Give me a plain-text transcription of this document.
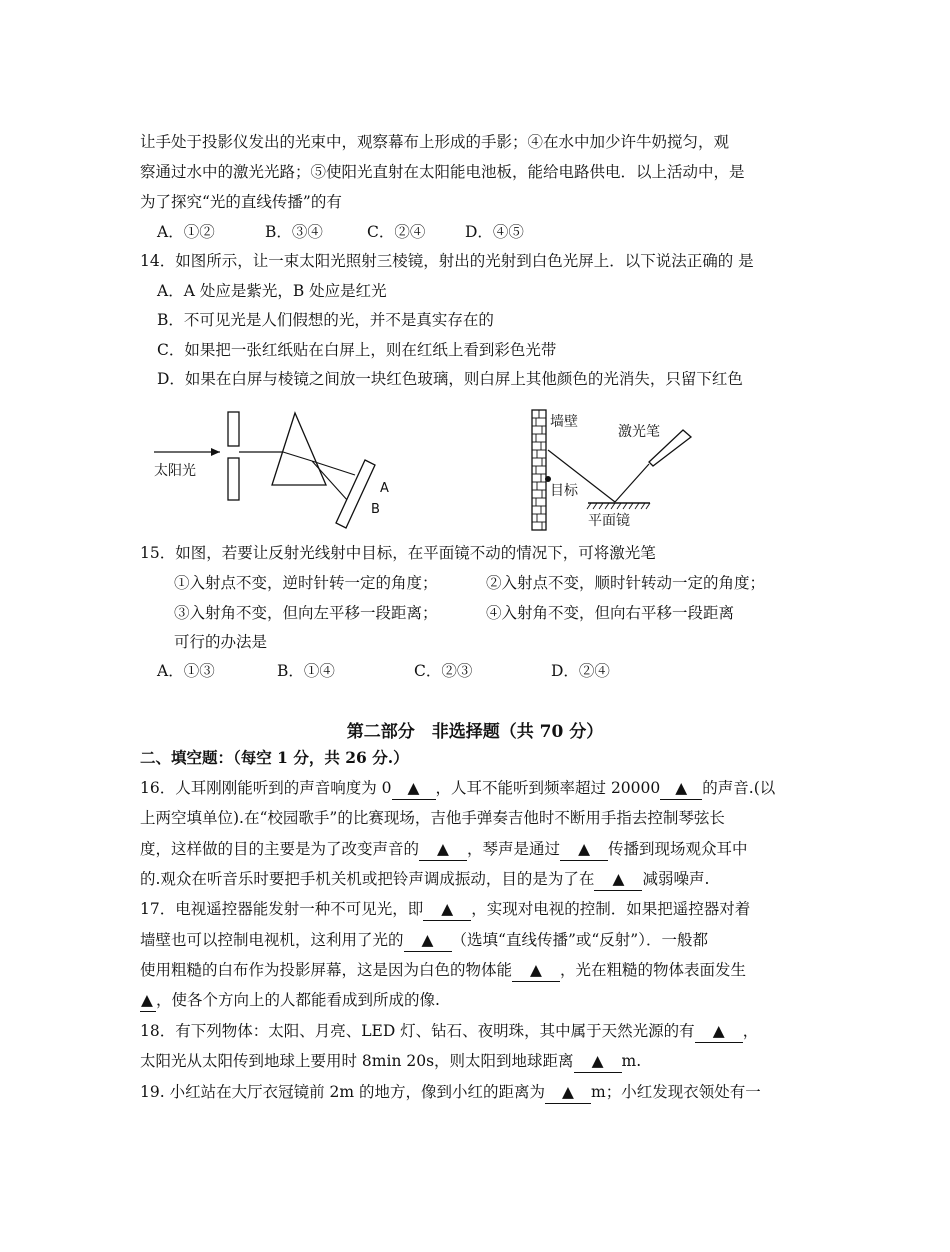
让手处于投影仪发出的光束中，观察幕布上形成的手影；④在水中加少许牛奶搅匀，观
察通过水中的激光光路；⑤使阳光直射在太阳能电池板，能给电路供电．以上活动中，是
为了探究“光的直线传播”的有
A．①②	B．③④	C．②④	D．④⑤
14．如图所示，让一束太阳光照射三棱镜，射出的光射到白色光屏上．以下说法正确的 是
A．A 处应是紫光，B 处应是红光
B．不可见光是人们假想的光，并不是真实存在的
C．如果把一张红纸贴在白屏上，则在红纸上看到彩色光带
D．如果在白屏与棱镜之间放一块红色玻璃，则白屏上其他颜色的光消失，只留下红色
太阳光
A
B
墙壁
激光笔
目标
平面镜
15．如图，若要让反射光线射中目标，在平面镜不动的情况下，可将激光笔
①入射点不变，逆时针转一定的角度；	②入射点不变，顺时针转动一定的角度；
③入射角不变，但向左平移一段距离；	④入射角不变，但向右平移一段距离
可行的办法是
A．①③	B．①④	C．②③	D．②④
第二部分　非选择题（共 70 分）
二、填空题：（每空 1 分，共 26 分.）
16．人耳刚刚能听到的声音响度为 0 ▲ ，人耳不能听到频率超过 20000 ▲ 的声音.(以
上两空填单位).在“校园歌手”的比赛现场，吉他手弹奏吉他时不断用手指去控制琴弦长
度，这样做的目的主要是为了改变声音的 ▲ ，琴声是通过 ▲ 传播到现场观众耳中
的.观众在听音乐时要把手机关机或把铃声调成振动，目的是为了在 ▲ 减弱噪声.
17．电视遥控器能发射一种不可见光，即 ▲ ，实现对电视的控制．如果把遥控器对着
墙壁也可以控制电视机，这利用了光的 ▲ （选填“直线传播”或“反射”）．一般都
使用粗糙的白布作为投影屏幕，这是因为白色的物体能 ▲ ，光在粗糙的物体表面发生
▲ ，使各个方向上的人都能看成到所成的像.
18．有下列物体：太阳、月亮、LED 灯、钻石、夜明珠，其中属于天然光源的有 ▲ ，
太阳光从太阳传到地球上要用时 8min 20s，则太阳到地球距离 ▲ m.
19. 小红站在大厅衣冠镜前 2m 的地方，像到小红的距离为 ▲ m；小红发现衣领处有一
